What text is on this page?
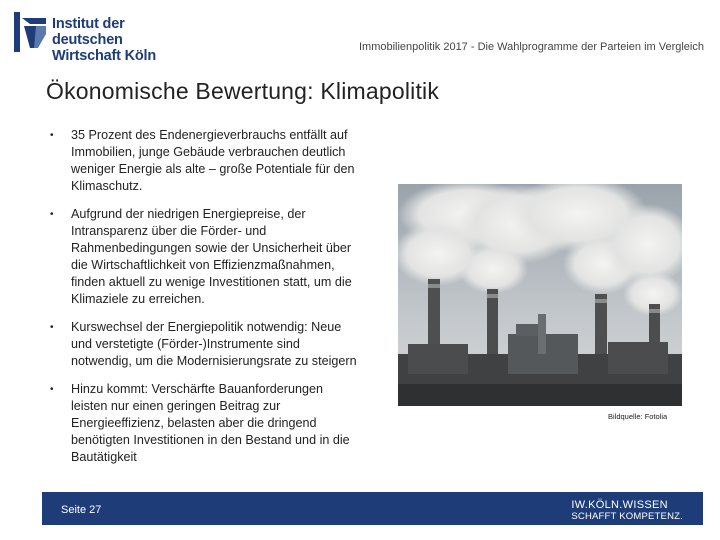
Institut der deutschen
Wirtschaft Köln
Immobilienpolitik 2017 - Die Wahlprogramme der Parteien im Vergleich
Ökonomische Bewertung: Klimapolitik
• 35 Prozent des Endenergieverbrauchs entfällt auf Immobilien, junge Gebäude verbrauchen deutlich weniger Energie als alte – große Potentiale für den Klimaschutz.
• Aufgrund der niedrigen Energiepreise, der Intransparenz über die Förder- und Rahmenbedingungen sowie der Unsicherheit über die Wirtschaftlichkeit von Effizienzmaßnahmen, finden aktuell zu wenige Investitionen statt, um die Klimaziele zu erreichen.
• Kurswechsel der Energiepolitik notwendig: Neue und verstetigte (Förder-)Instrumente sind notwendig, um die Modernisierungsrate zu steigern
• Hinzu kommt: Verschärfte Bauanforderungen leisten nur einen geringen Beitrag zur Energieeffizienz, belasten aber die dringend benötigten Investitionen in den Bestand und in die Bautätigkeit
Bildquelle: Fotolia
Seite 27	IW.KÖLN.WISSEN
SCHAFFT KOMPETENZ.
